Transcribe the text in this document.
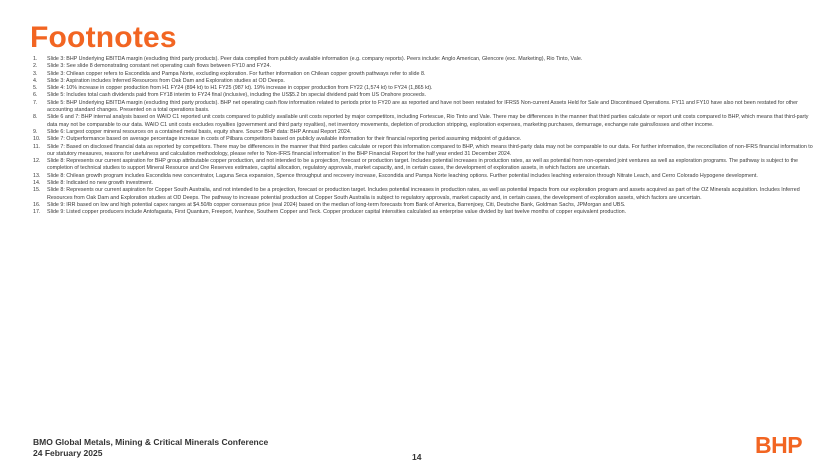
Footnotes
1.	Slide 3: BHP Underlying EBITDA margin (excluding third party products). Peer data compiled from publicly available information (e.g. company reports). Peers include: Anglo American, Glencore (exc. Marketing), Rio Tinto, Vale.
2.	Slide 3: See slide 8 demonstrating constant net operating cash flows between FY10 and FY24.
3.	Slide 3: Chilean copper refers to Escondida and Pampa Norte, excluding exploration. For further information on Chilean copper growth pathways refer to slide 8.
4.	Slide 3: Aspiration includes Inferred Resources from Oak Dam and Exploration studies at OD Deeps.
5.	Slide 4: 10% increase in copper production from H1 FY24 (894 kt) to H1 FY25 (987 kt). 19% increase in copper production from FY22 (1,574 kt) to FY24 (1,865 kt).
6.	Slide 5: Includes total cash dividends paid from FY18 interim to FY24 final (inclusive), including the US$5.2 bn special dividend paid from US Onshore proceeds.
7.	Slide 5: BHP Underlying EBITDA margin (excluding third party products). BHP net operating cash flow information related to periods prior to FY20 are as reported and have not been restated for IFRS5 Non-current Assets Held for Sale and Discontinued Operations. FY11 and FY10 have also not been restated for other accounting standard changes. Presented on a total operations basis.
8.	Slide 6 and 7: BHP internal analysis based on WAIO C1 reported unit costs compared to publicly available unit costs reported by major competitors, including Fortescue, Rio Tinto and Vale. There may be differences in the manner that third parties calculate or report unit costs compared to BHP, which means that third-party data may not be comparable to our data. WAIO C1 unit costs excludes royalties (government and third party royalties), net inventory movements, depletion of production stripping, exploration expenses, marketing purchases, demurrage, exchange rate gains/losses and other income.
9.	Slide 6: Largest copper mineral resources on a contained metal basis, equity share. Source BHP data: BHP Annual Report 2024.
10.	Slide 7: Outperformance based on average percentage increase in costs of Pilbara competitors based on publicly available information for their financial reporting period assuming midpoint of guidance.
11.	Slide 7: Based on disclosed financial data as reported by competitors. There may be differences in the manner that third parties calculate or report this information compared to BHP, which means third-party data may not be comparable to our data. For further information, the reconciliation of non-IFRS financial information to our statutory measures, reasons for usefulness and calculation methodology, please refer to 'Non-IFRS financial information' in the BHP Financial Report for the half year ended 31 December 2024.
12.	Slide 8: Represents our current aspiration for BHP group attributable copper production, and not intended to be a projection, forecast or production target. Includes potential increases in production rates, as well as potential from non-operated joint ventures as well as exploration programs. The pathway is subject to the completion of technical studies to support Mineral Resource and Ore Reserves estimates, capital allocation, regulatory approvals, market capacity, and, in certain cases, the development of exploration assets, in which factors are uncertain.
13.	Slide 8: Chilean growth program includes Escondida new concentrator, Laguna Seca expansion, Spence throughput and recovery increase, Escondida and Pampa Norte leaching options. Further potential includes leaching extension through Nitrate Leach, and Cerro Colorado Hypogene development.
14.	Slide 8: Indicated no new growth investment.
15.	Slide 8: Represents our current aspiration for Copper South Australia, and not intended to be a projection, forecast or production target. Includes potential increases in production rates, as well as potential impacts from our exploration program and assets acquired as part of the OZ Minerals acquisition. Includes Inferred Resources from Oak Dam and Exploration studies at OD Deeps. The pathway to increase potential production at Copper South Australia is subject to regulatory approvals, market capacity and, in certain cases, the development of exploration assets, which factors are uncertain.
16.	Slide 9: IRR based on low and high potential capex ranges at $4.50/lb copper consensus price (real 2024) based on the median of long-term forecasts from Bank of America, Barrenjoey, Citi, Deutsche Bank, Goldman Sachs, JPMorgan and UBS.
17.	Slide 9: Listed copper producers include Antofagasta, First Quantum, Freeport, Ivanhoe, Southern Copper and Teck. Copper producer capital intensities calculated as enterprise value divided by last twelve months of copper equivalent production.
BMO Global Metals, Mining & Critical Minerals Conference
24 February 2025	14	BHP
